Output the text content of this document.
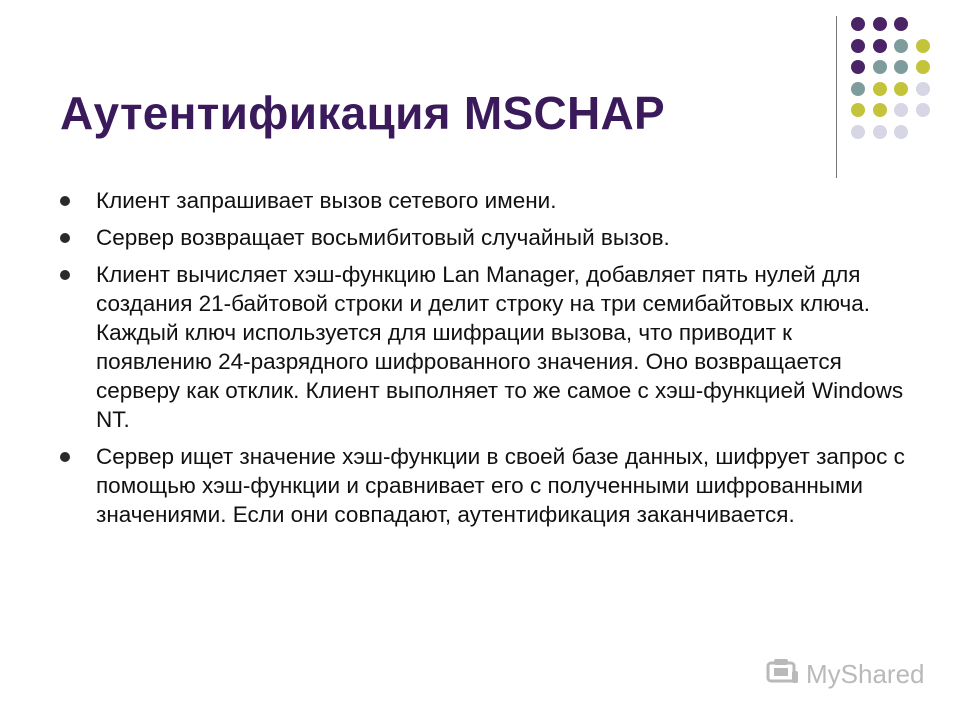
Аутентификация MSCHAP
Клиент запрашивает вызов сетевого имени.
Сервер возвращает восьмибитовый случайный вызов.
Клиент вычисляет хэш-функцию Lan Manager, добавляет пять нулей для создания 21-байтовой строки и делит строку на три семибайтовых ключа. Каждый ключ используется для шифрации вызова, что приводит к появлению 24-разрядного шифрованного значения. Оно возвращается серверу как отклик. Клиент выполняет то же самое с хэш-функцией Windows NT.
Сервер ищет значение хэш-функции в своей базе данных, шифрует запрос с помощью хэш-функции и сравнивает его с полученными шифрованными значениями. Если они совпадают, аутентификация заканчивается.
MyShared
